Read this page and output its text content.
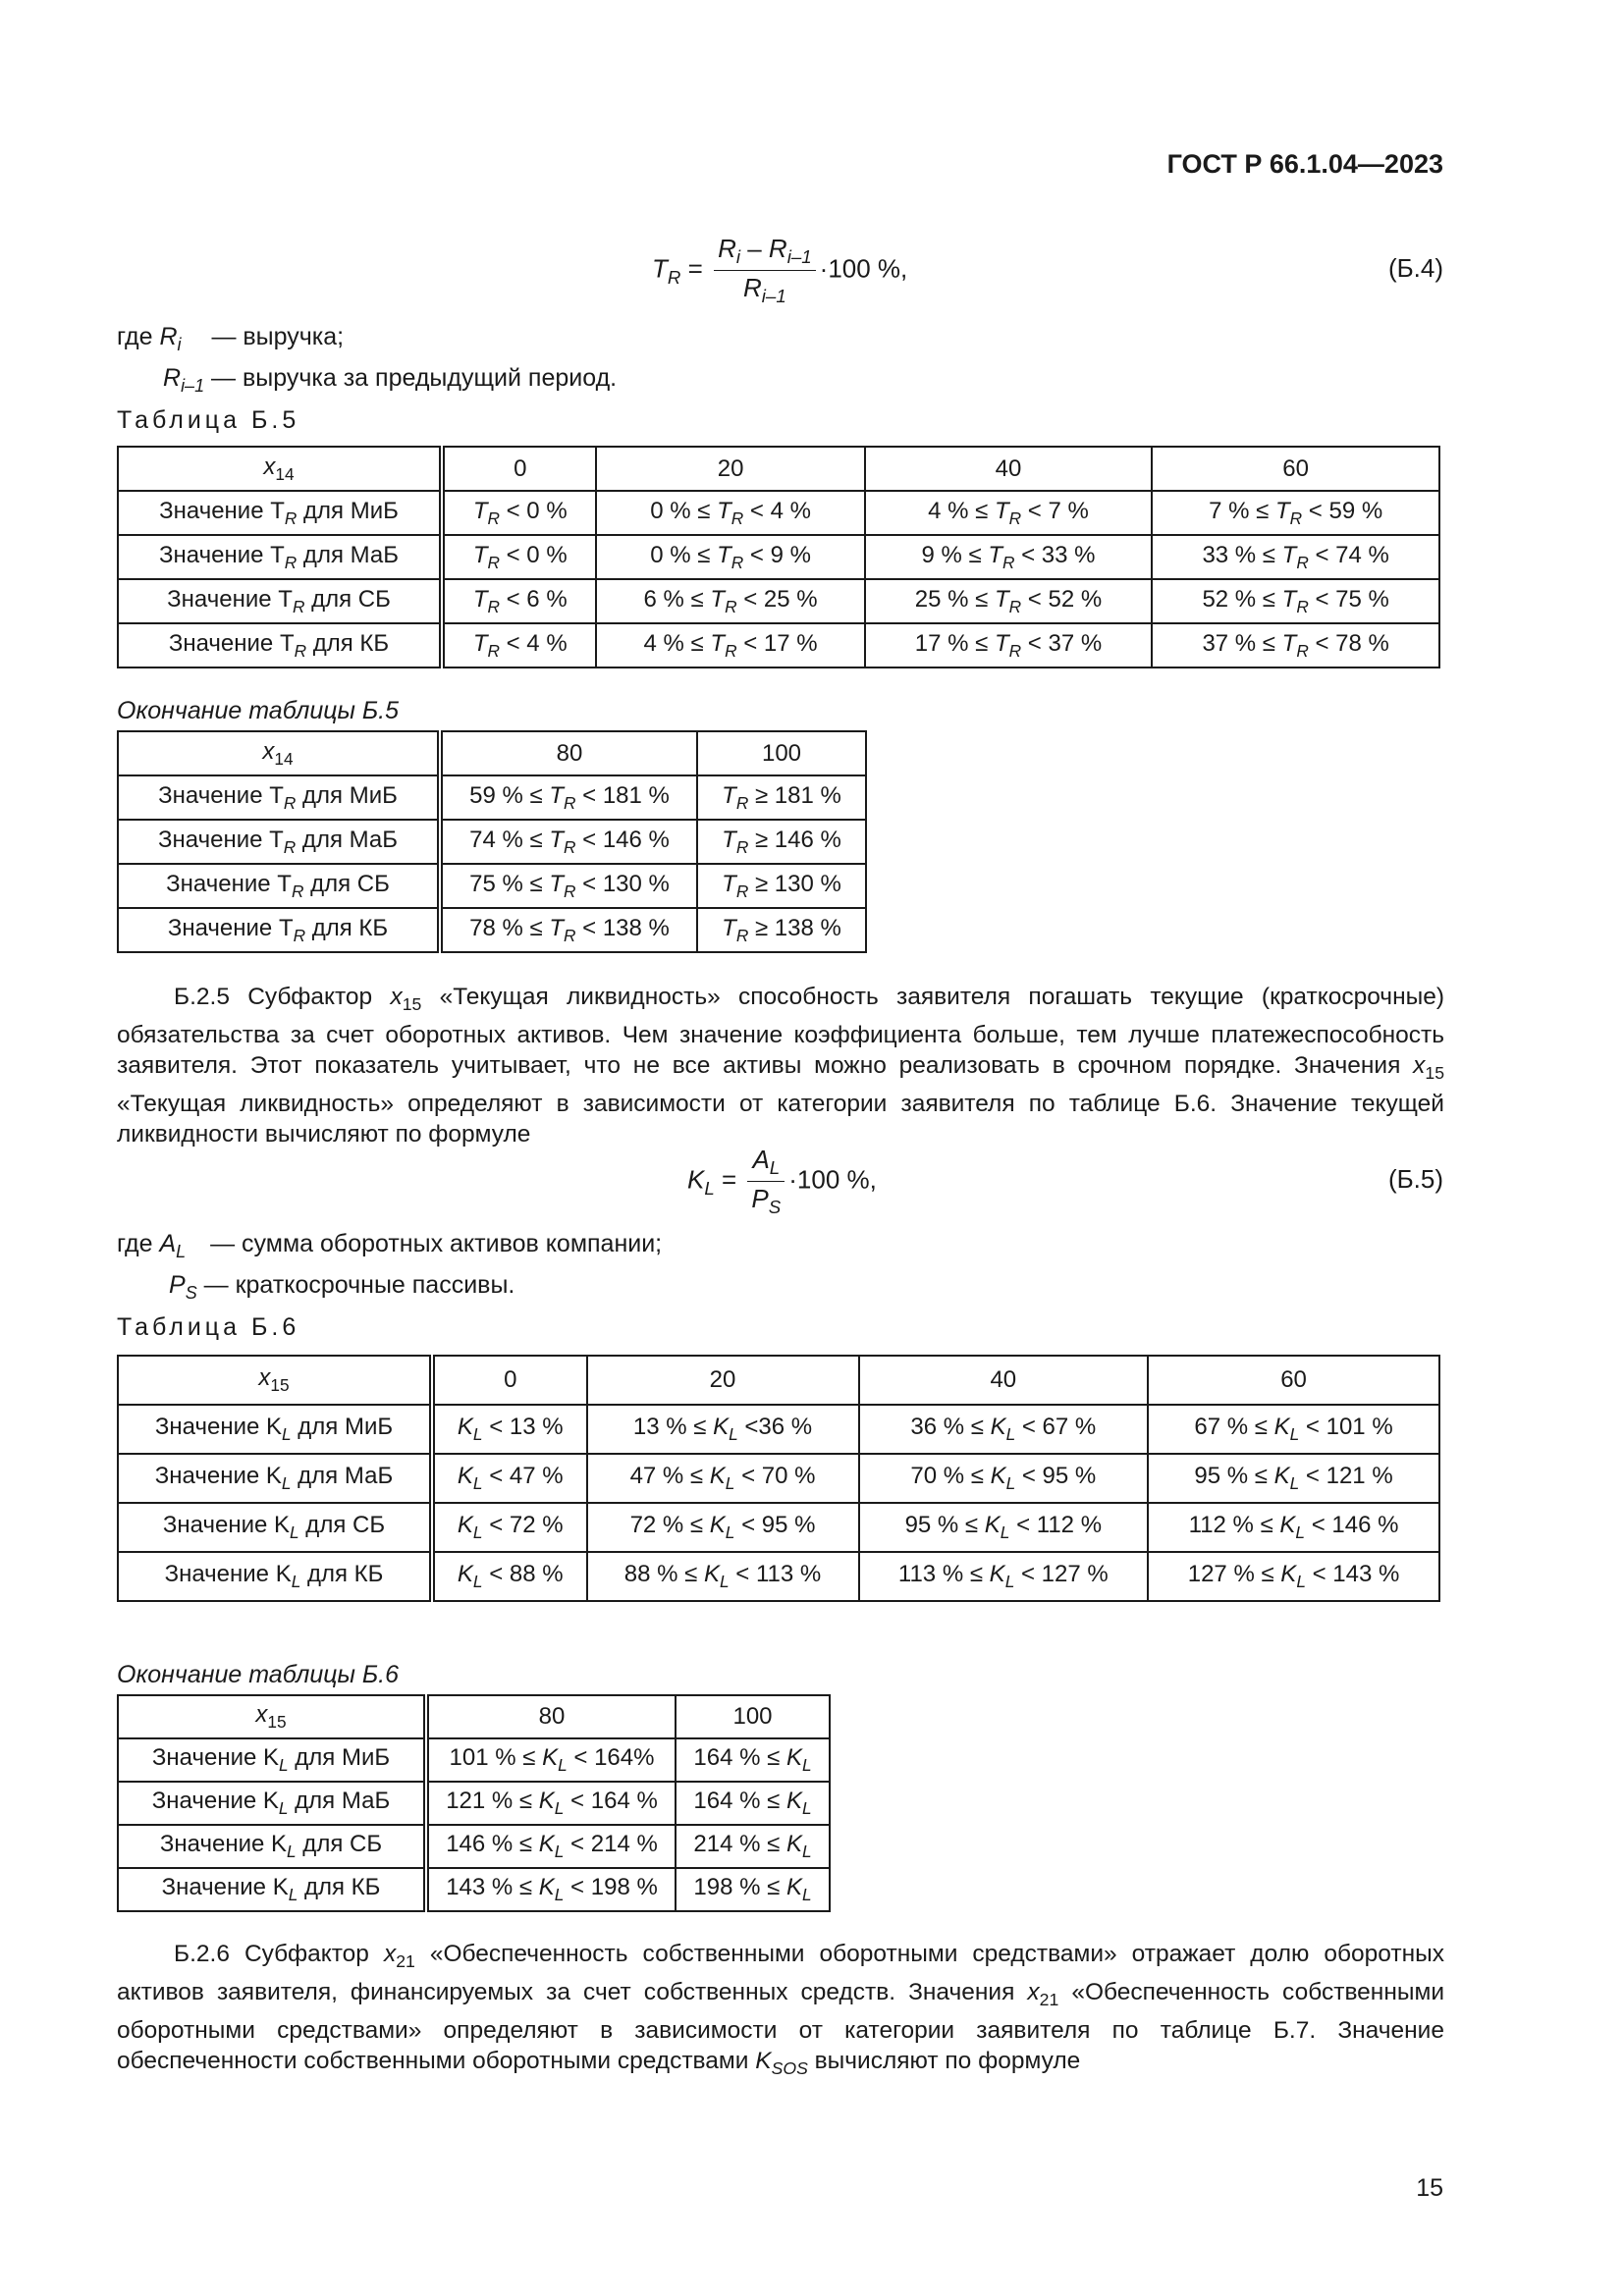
ГОСТ Р 66.1.04—2023
$T_R = \frac{R_i - R_{i-1}}{R_{i-1}} \cdot 100$ %,	(Б.4)
где $R_i$ — выручка;
$R_{i-1}$ — выручка за предыдущий период.
Таблица Б.5
$x_{14}$	0	20	40	60
Значение $T_R$ для МиБ	$T_R < 0$ %	0 % ≤ $T_R < 4$ %	4 % ≤ $T_R < 7$ %	7 % ≤ $T_R < 59$ %
Значение $T_R$ для МаБ	$T_R < 0$ %	0 % ≤ $T_R < 9$ %	9 % ≤ $T_R < 33$ %	33 % ≤ $T_R < 74$ %
Значение $T_R$ для СБ	$T_R < 6$ %	6 % ≤ $T_R < 25$ %	25 % ≤ $T_R < 52$ %	52 % ≤ $T_R < 75$ %
Значение $T_R$ для КБ	$T_R < 4$ %	4 % ≤ $T_R < 17$ %	17 % ≤ $T_R < 37$ %	37 % ≤ $T_R < 78$ %
Окончание таблицы Б.5
$x_{14}$	80	100
Значение $T_R$ для МиБ	59 % ≤ $T_R < 181$ %	$T_R \ge 181$ %
Значение $T_R$ для МаБ	74 % ≤ $T_R < 146$ %	$T_R \ge 146$ %
Значение $T_R$ для СБ	75 % ≤ $T_R < 130$ %	$T_R \ge 130$ %
Значение $T_R$ для КБ	78 % ≤ $T_R < 138$ %	$T_R \ge 138$ %

Б.2.5 Субфактор $x_{15}$ «Текущая ликвидность» способность заявителя погашать текущие (краткосрочные) обязательства за счет оборотных активов. Чем значение коэффициента больше, тем лучше платежеспособность заявителя. Этот показатель учитывает, что не все активы можно реализовать в срочном порядке. Значения $x_{15}$ «Текущая ликвидность» определяют в зависимости от категории заявителя по таблице Б.6. Значение текущей ликвидности вычисляют по формуле

$K_L = \frac{A_L}{P_S} \cdot 100$ %,	(Б.5)
где $A_L$ — сумма оборотных активов компании;
$P_S$ — краткосрочные пассивы.
Таблица Б.6
$x_{15}$	0	20	40	60
Значение $K_L$ для МиБ	$K_L < 13$ %	13 % ≤ $K_L <36$ %	36 % ≤ $K_L < 67$ %	67 % ≤ $K_L < 101$ %
Значение $K_L$ для МаБ	$K_L < 47$ %	47 % ≤ $K_L < 70$ %	70 % ≤ $K_L < 95$ %	95 % ≤ $K_L < 121$ %
Значение $K_L$ для СБ	$K_L < 72$ %	72 % ≤ $K_L < 95$ %	95 % ≤ $K_L < 112$ %	112 % ≤ $K_L < 146$ %
Значение $K_L$ для КБ	$K_L < 88$ %	88 % ≤ $K_L < 113$ %	113 % ≤ $K_L < 127$ %	127 % ≤ $K_L < 143$ %
Окончание таблицы Б.6
$x_{15}$	80	100
Значение $K_L$ для МиБ	101 % ≤ $K_L < 164\%$	164 % ≤ $K_L$
Значение $K_L$ для МаБ	121 % ≤ $K_L < 164$ %	164 % ≤ $K_L$
Значение $K_L$ для СБ	146 % ≤ $K_L < 214$ %	214 % ≤ $K_L$
Значение $K_L$ для КБ	143 % ≤ $K_L < 198$ %	198 % ≤ $K_L$

Б.2.6 Субфактор $x_{21}$ «Обеспеченность собственными оборотными средствами» отражает долю оборотных активов заявителя, финансируемых за счет собственных средств. Значения $x_{21}$ «Обеспеченность собственными оборотными средствами» определяют в зависимости от категории заявителя по таблице Б.7. Значение обеспеченности собственными оборотными средствами $K_{SOS}$ вычисляют по формуле

15
